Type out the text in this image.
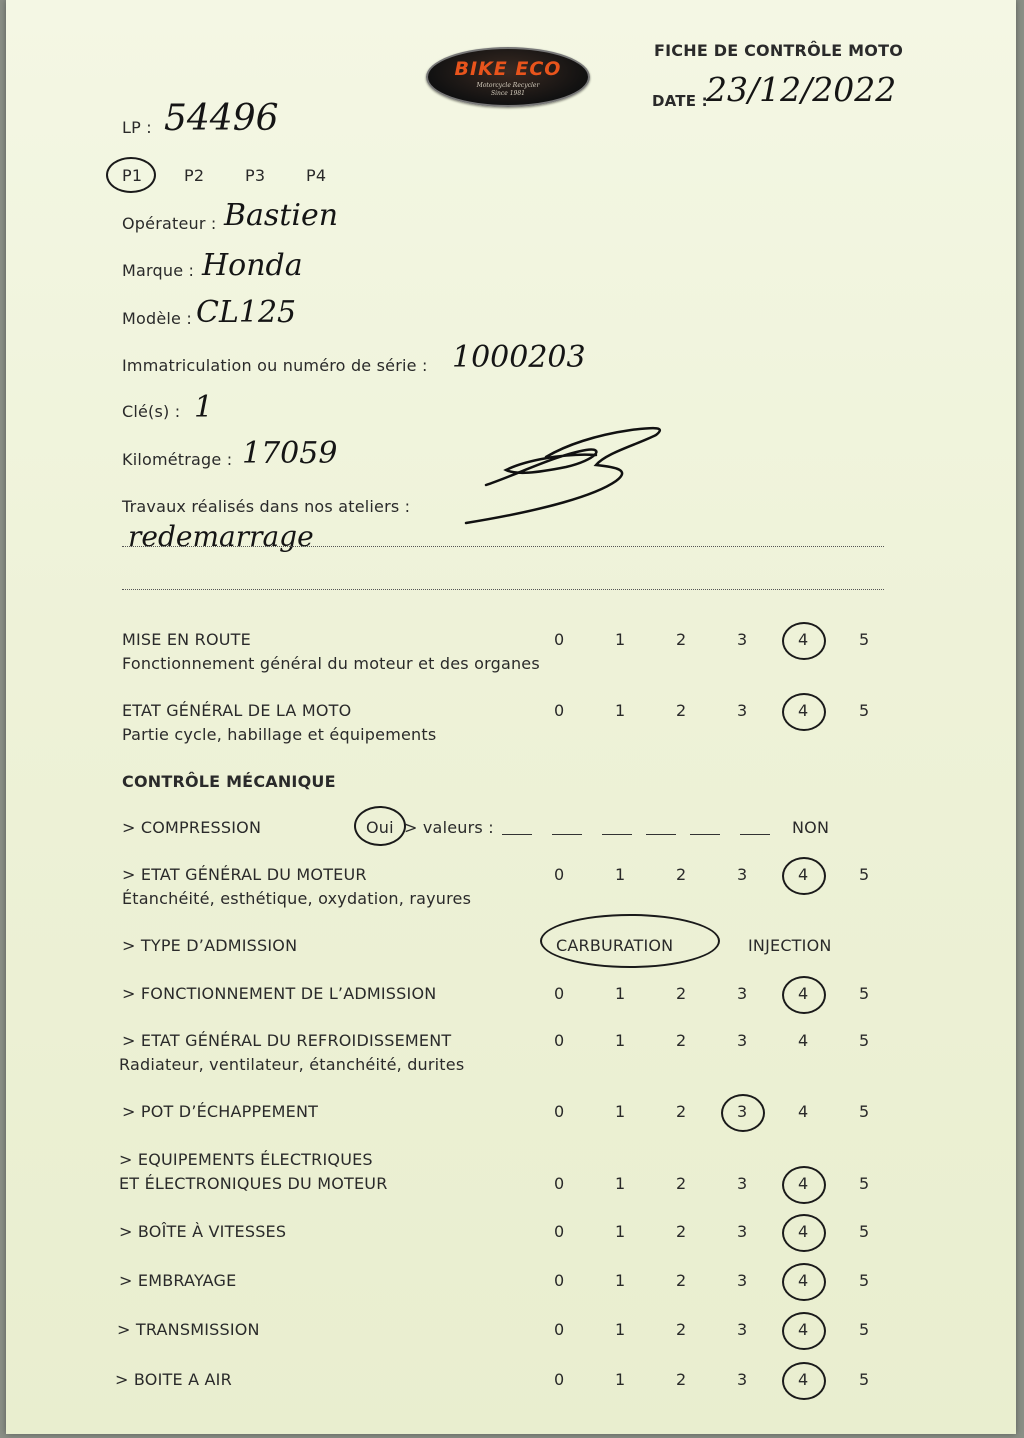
FICHE DE CONTRÔLE MOTO
DATE :
23/12/2022
BIKE ECO
Motorcycle Recycler
Since 1981
LP : 54496
P1	P2	P3	P4
Opérateur : Bastien
Marque : Honda
Modèle : CL125
Immatriculation ou numéro de série : 1000203
Clé(s) : 1
Kilométrage : 17059
Travaux réalisés dans nos ateliers :
redemarrage
MISE EN ROUTE
Fonctionnement général du moteur et des organes
0	1	2	3	4	5
ETAT GÉNÉRAL DE LA MOTO
Partie cycle, habillage et équipements
0	1	2	3	4	5
CONTRÔLE MÉCANIQUE
> COMPRESSION	Oui > valeurs :	NON
> ETAT GÉNÉRAL DU MOTEUR
Étanchéité, esthétique, oxydation, rayures
0	1	2	3	4	5
> TYPE D’ADMISSION	CARBURATION	INJECTION
> FONCTIONNEMENT DE L’ADMISSION	0	1	2	3	4	5
> ETAT GÉNÉRAL DU REFROIDISSEMENT
Radiateur, ventilateur, étanchéité, durites
0	1	2	3	4	5
> POT D’ÉCHAPPEMENT	0	1	2	3	4	5
> EQUIPEMENTS ÉLECTRIQUES
ET ÉLECTRONIQUES DU MOTEUR	0	1	2	3	4	5
> BOÎTE À VITESSES	0	1	2	3	4	5
> EMBRAYAGE	0	1	2	3	4	5
> TRANSMISSION	0	1	2	3	4	5
> BOITE A AIR	0	1	2	3	4	5
